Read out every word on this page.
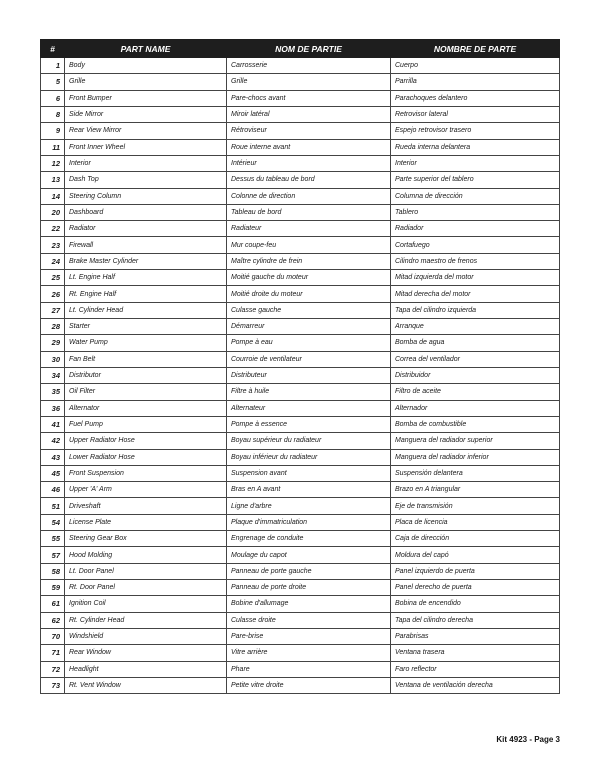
#	PART NAME	NOM DE PARTIE	NOMBRE DE PARTE
1	Body	Carrosserie	Cuerpo
5	Grille	Grille	Parrilla
6	Front Bumper	Pare-chocs avant	Parachoques delantero
8	Side Mirror	Miroir latéral	Retrovisor lateral
9	Rear View Mirror	Rétroviseur	Espejo retrovisor trasero
11	Front Inner Wheel	Roue interne avant	Rueda interna delantera
12	Interior	Intérieur	Interior
13	Dash Top	Dessus du tableau de bord	Parte superior del tablero
14	Steering Column	Colonne de direction	Columna de dirección
20	Dashboard	Tableau de bord	Tablero
22	Radiator	Radiateur	Radiador
23	Firewall	Mur coupe-feu	Cortafuego
24	Brake Master Cylinder	Maître cylindre de frein	Cilindro maestro de frenos
25	Lt. Engine Half	Moitié gauche du moteur	Mitad izquierda del motor
26	Rt. Engine Half	Moitié droite du moteur	Mitad derecha del motor
27	Lt. Cylinder Head	Culasse gauche	Tapa del cilindro izquierda
28	Starter	Démarreur	Arranque
29	Water Pump	Pompe à eau	Bomba de agua
30	Fan Belt	Courroie de ventilateur	Correa del ventilador
34	Distributor	Distributeur	Distribuidor
35	Oil Filter	Filtre à huile	Filtro de aceite
36	Alternator	Alternateur	Alternador
41	Fuel Pump	Pompe à essence	Bomba de combustible
42	Upper Radiator Hose	Boyau supérieur du radiateur	Manguera del radiador superior
43	Lower Radiator Hose	Boyau inférieur du radiateur	Manguera del radiador inferior
45	Front Suspension	Suspension avant	Suspensión delantera
46	Upper 'A' Arm	Bras en A avant	Brazo en A triangular
51	Driveshaft	Ligne d'arbre	Eje de transmisión
54	License Plate	Plaque d'immatriculation	Placa de licencia
55	Steering Gear Box	Engrenage de conduite	Caja de dirección
57	Hood Molding	Moulage du capot	Moldura del capó
58	Lt. Door Panel	Panneau de porte gauche	Panel izquierdo de puerta
59	Rt. Door Panel	Panneau de porte droite	Panel derecho de puerta
61	Ignition Coil	Bobine d'allumage	Bobina de encendido
62	Rt. Cylinder Head	Culasse droite	Tapa del cilindro derecha
70	Windshield	Pare-brise	Parabrisas
71	Rear Window	Vitre arrière	Ventana trasera
72	Headlight	Phare	Faro reflector
73	Rt. Vent Window	Petite vitre droite	Ventana de ventilación derecha
Kit 4923 - Page 3
